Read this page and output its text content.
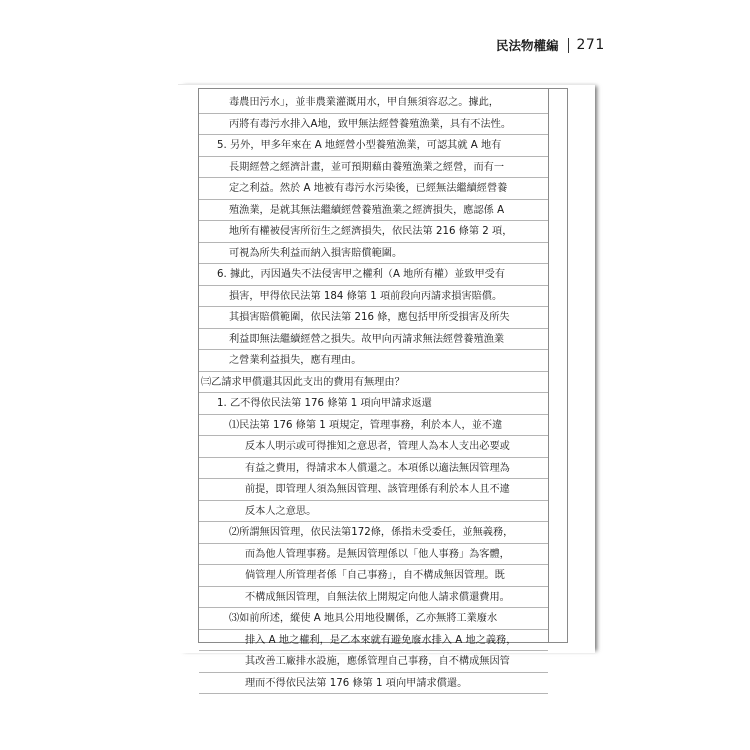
民法物權編 271
毒農田污水」，並非農業灌溉用水，甲自無須容忍之。據此，
丙將有毒污水排入A地，致甲無法經營養殖漁業，具有不法性。
5. 另外，甲多年來在 A 地經營小型養殖漁業，可認其就 A 地有
長期經營之經濟計畫，並可預期藉由養殖漁業之經營，而有一
定之利益。然於 A 地被有毒污水污染後，已經無法繼續經營養
殖漁業，是就其無法繼續經營養殖漁業之經濟損失，應認係 A
地所有權被侵害所衍生之經濟損失，依民法第 216 條第 2 項，
可視為所失利益而納入損害賠償範圍。
6. 據此，丙因過失不法侵害甲之權利（A 地所有權）並致甲受有
損害，甲得依民法第 184 條第 1 項前段向丙請求損害賠償。
其損害賠償範圍，依民法第 216 條，應包括甲所受損害及所失
利益即無法繼續經營之損失。故甲向丙請求無法經營養殖漁業
之營業利益損失，應有理由。
㈢乙請求甲償還其因此支出的費用有無理由？
1. 乙不得依民法第 176 條第 1 項向甲請求返還
⑴民法第 176 條第 1 項規定，管理事務，利於本人，並不違
反本人明示或可得推知之意思者，管理人為本人支出必要或
有益之費用，得請求本人償還之。本項係以適法無因管理為
前提，即管理人須為無因管理、該管理係有利於本人且不違
反本人之意思。
⑵所謂無因管理，依民法第172條，係指未受委任，並無義務，
而為他人管理事務。是無因管理係以「他人事務」為客體，
倘管理人所管理者係「自己事務」，自不構成無因管理。既
不構成無因管理，自無法依上開規定向他人請求償還費用。
⑶如前所述，縱使 A 地具公用地役關係，乙亦無將工業廢水
排入 A 地之權利，是乙本來就有避免廢水排入 A 地之義務，
其改善工廠排水設施，應係管理自己事務，自不構成無因管
理而不得依民法第 176 條第 1 項向甲請求償還。
